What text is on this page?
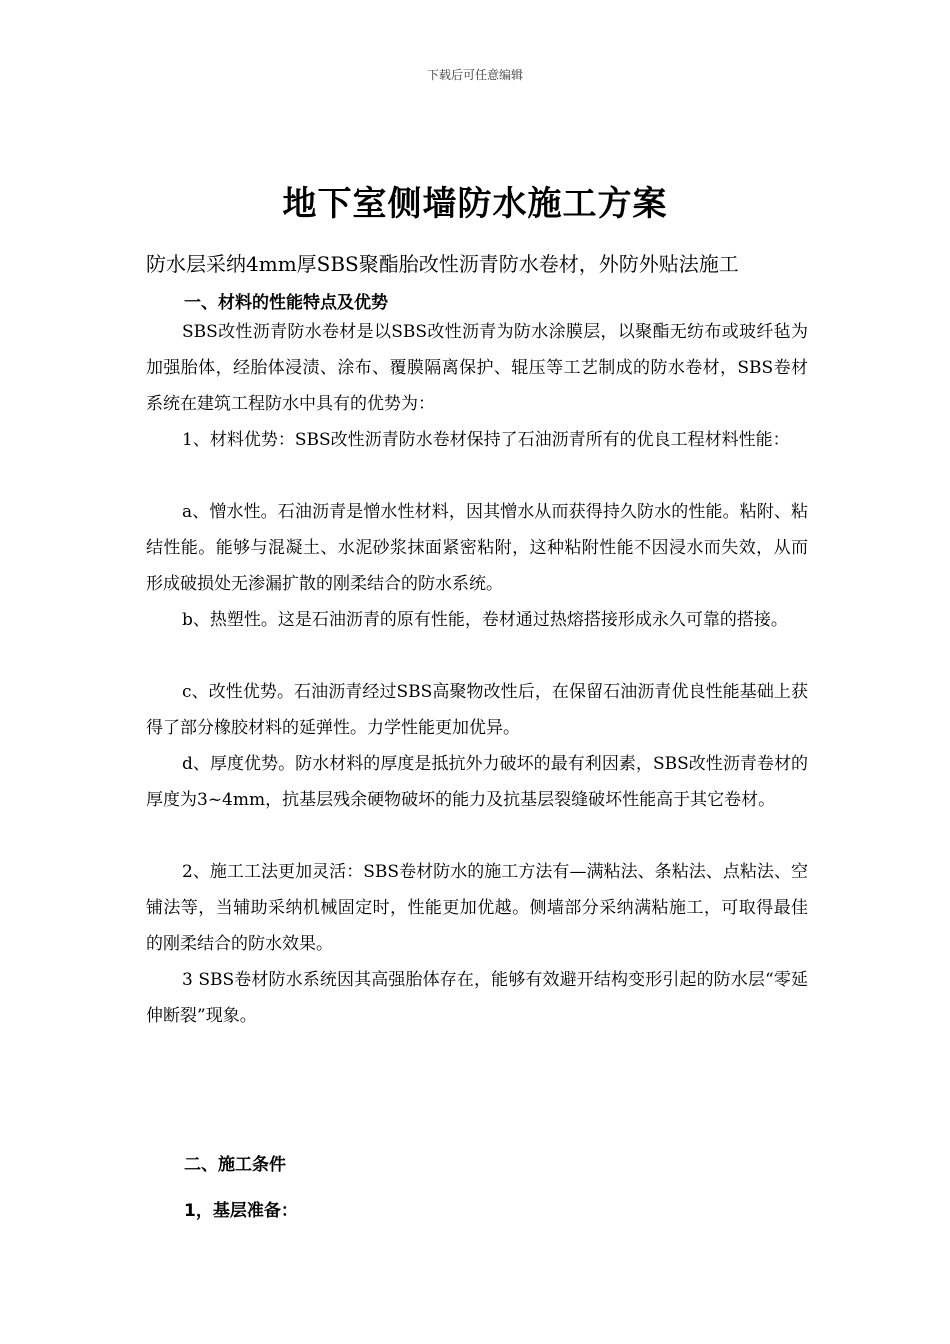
下载后可任意编辑
地下室侧墙防水施工方案
防水层采纳4mm厚SBS聚酯胎改性沥青防水卷材，外防外贴法施工
一、材料的性能特点及优势

SBS改性沥青防水卷材是以SBS改性沥青为防水涂膜层，以聚酯无纺布或玻纤毡为加强胎体，经胎体浸渍、涂布、覆膜隔离保护、辊压等工艺制成的防水卷材，SBS卷材系统在建筑工程防水中具有的优势为：

1、材料优势：SBS改性沥青防水卷材保持了石油沥青所有的优良工程材料性能：

a、憎水性。石油沥青是憎水性材料，因其憎水从而获得持久防水的性能。粘附、粘结性能。能够与混凝土、水泥砂浆抹面紧密粘附，这种粘附性能不因浸水而失效，从而形成破损处无渗漏扩散的刚柔结合的防水系统。

b、热塑性。这是石油沥青的原有性能，卷材通过热熔搭接形成永久可靠的搭接。

c、改性优势。石油沥青经过SBS高聚物改性后，在保留石油沥青优良性能基础上获得了部分橡胶材料的延弹性。力学性能更加优异。

d、厚度优势。防水材料的厚度是抵抗外力破坏的最有利因素，SBS改性沥青卷材的厚度为3~4mm，抗基层残余硬物破坏的能力及抗基层裂缝破坏性能高于其它卷材。

2、施工工法更加灵活：SBS卷材防水的施工方法有—满粘法、条粘法、点粘法、空铺法等，当辅助采纳机械固定时，性能更加优越。侧墙部分采纳满粘施工，可取得最佳的刚柔结合的防水效果。

3 SBS卷材防水系统因其高强胎体存在，能够有效避开结构变形引起的防水层“零延伸断裂”现象。

二、施工条件
1，基层准备：
